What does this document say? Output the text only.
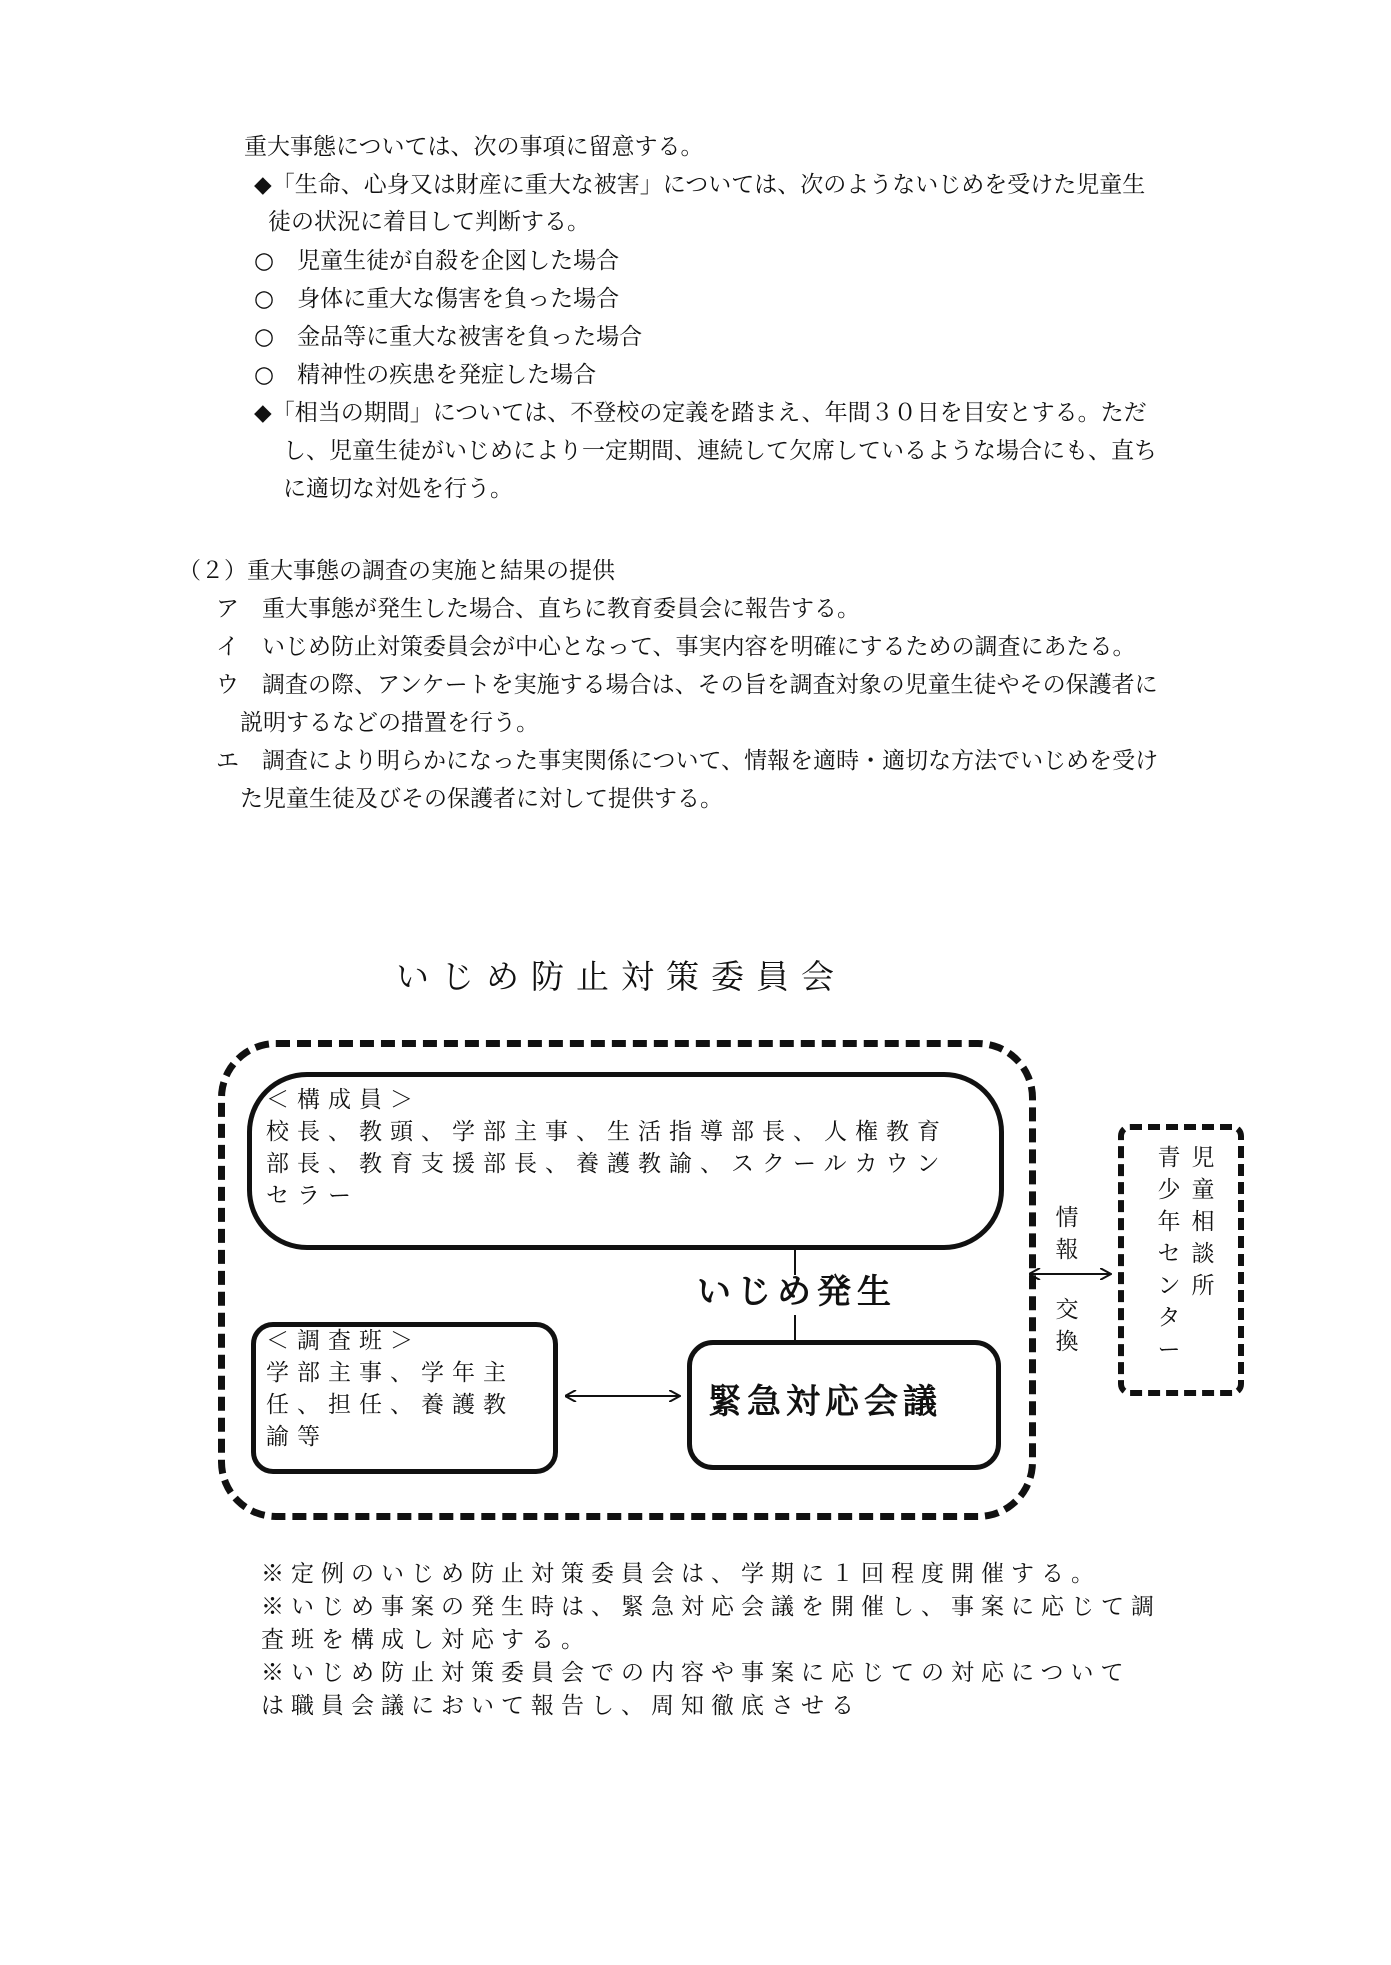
重大事態については、次の事項に留意する。
◆「生命、心身又は財産に重大な被害」については、次のようないじめを受けた児童生
徒の状況に着目して判断する。
○　児童生徒が自殺を企図した場合
○　身体に重大な傷害を負った場合
○　金品等に重大な被害を負った場合
○　精神性の疾患を発症した場合
◆「相当の期間」については、不登校の定義を踏まえ、年間３０日を目安とする。ただ
し、児童生徒がいじめにより一定期間、連続して欠席しているような場合にも、直ち
に適切な対処を行う。
（２）重大事態の調査の実施と結果の提供
ア　重大事態が発生した場合、直ちに教育委員会に報告する。
イ　いじめ防止対策委員会が中心となって、事実内容を明確にするための調査にあたる。
ウ　調査の際、アンケートを実施する場合は、その旨を調査対象の児童生徒やその保護者に
説明するなどの措置を行う。
エ　調査により明らかになった事実関係について、情報を適時・適切な方法でいじめを受け
た児童生徒及びその保護者に対して提供する。
いじめ防止対策委員会
＜構成員＞
校長、教頭、学部主事、生活指導部長、人権教育
部長、教育支援部長、養護教諭、スクールカウン
セラー
いじめ発生
＜調査班＞
学部主事、学年主
任、担任、養護教
諭等
緊急対応会議
児童相談所
青少年センター
情報
交換
※定例のいじめ防止対策委員会は、学期に１回程度開催する。
※いじめ事案の発生時は、緊急対応会議を開催し、事案に応じて調
査班を構成し対応する。
※いじめ防止対策委員会での内容や事案に応じての対応について
は職員会議において報告し、周知徹底させる
